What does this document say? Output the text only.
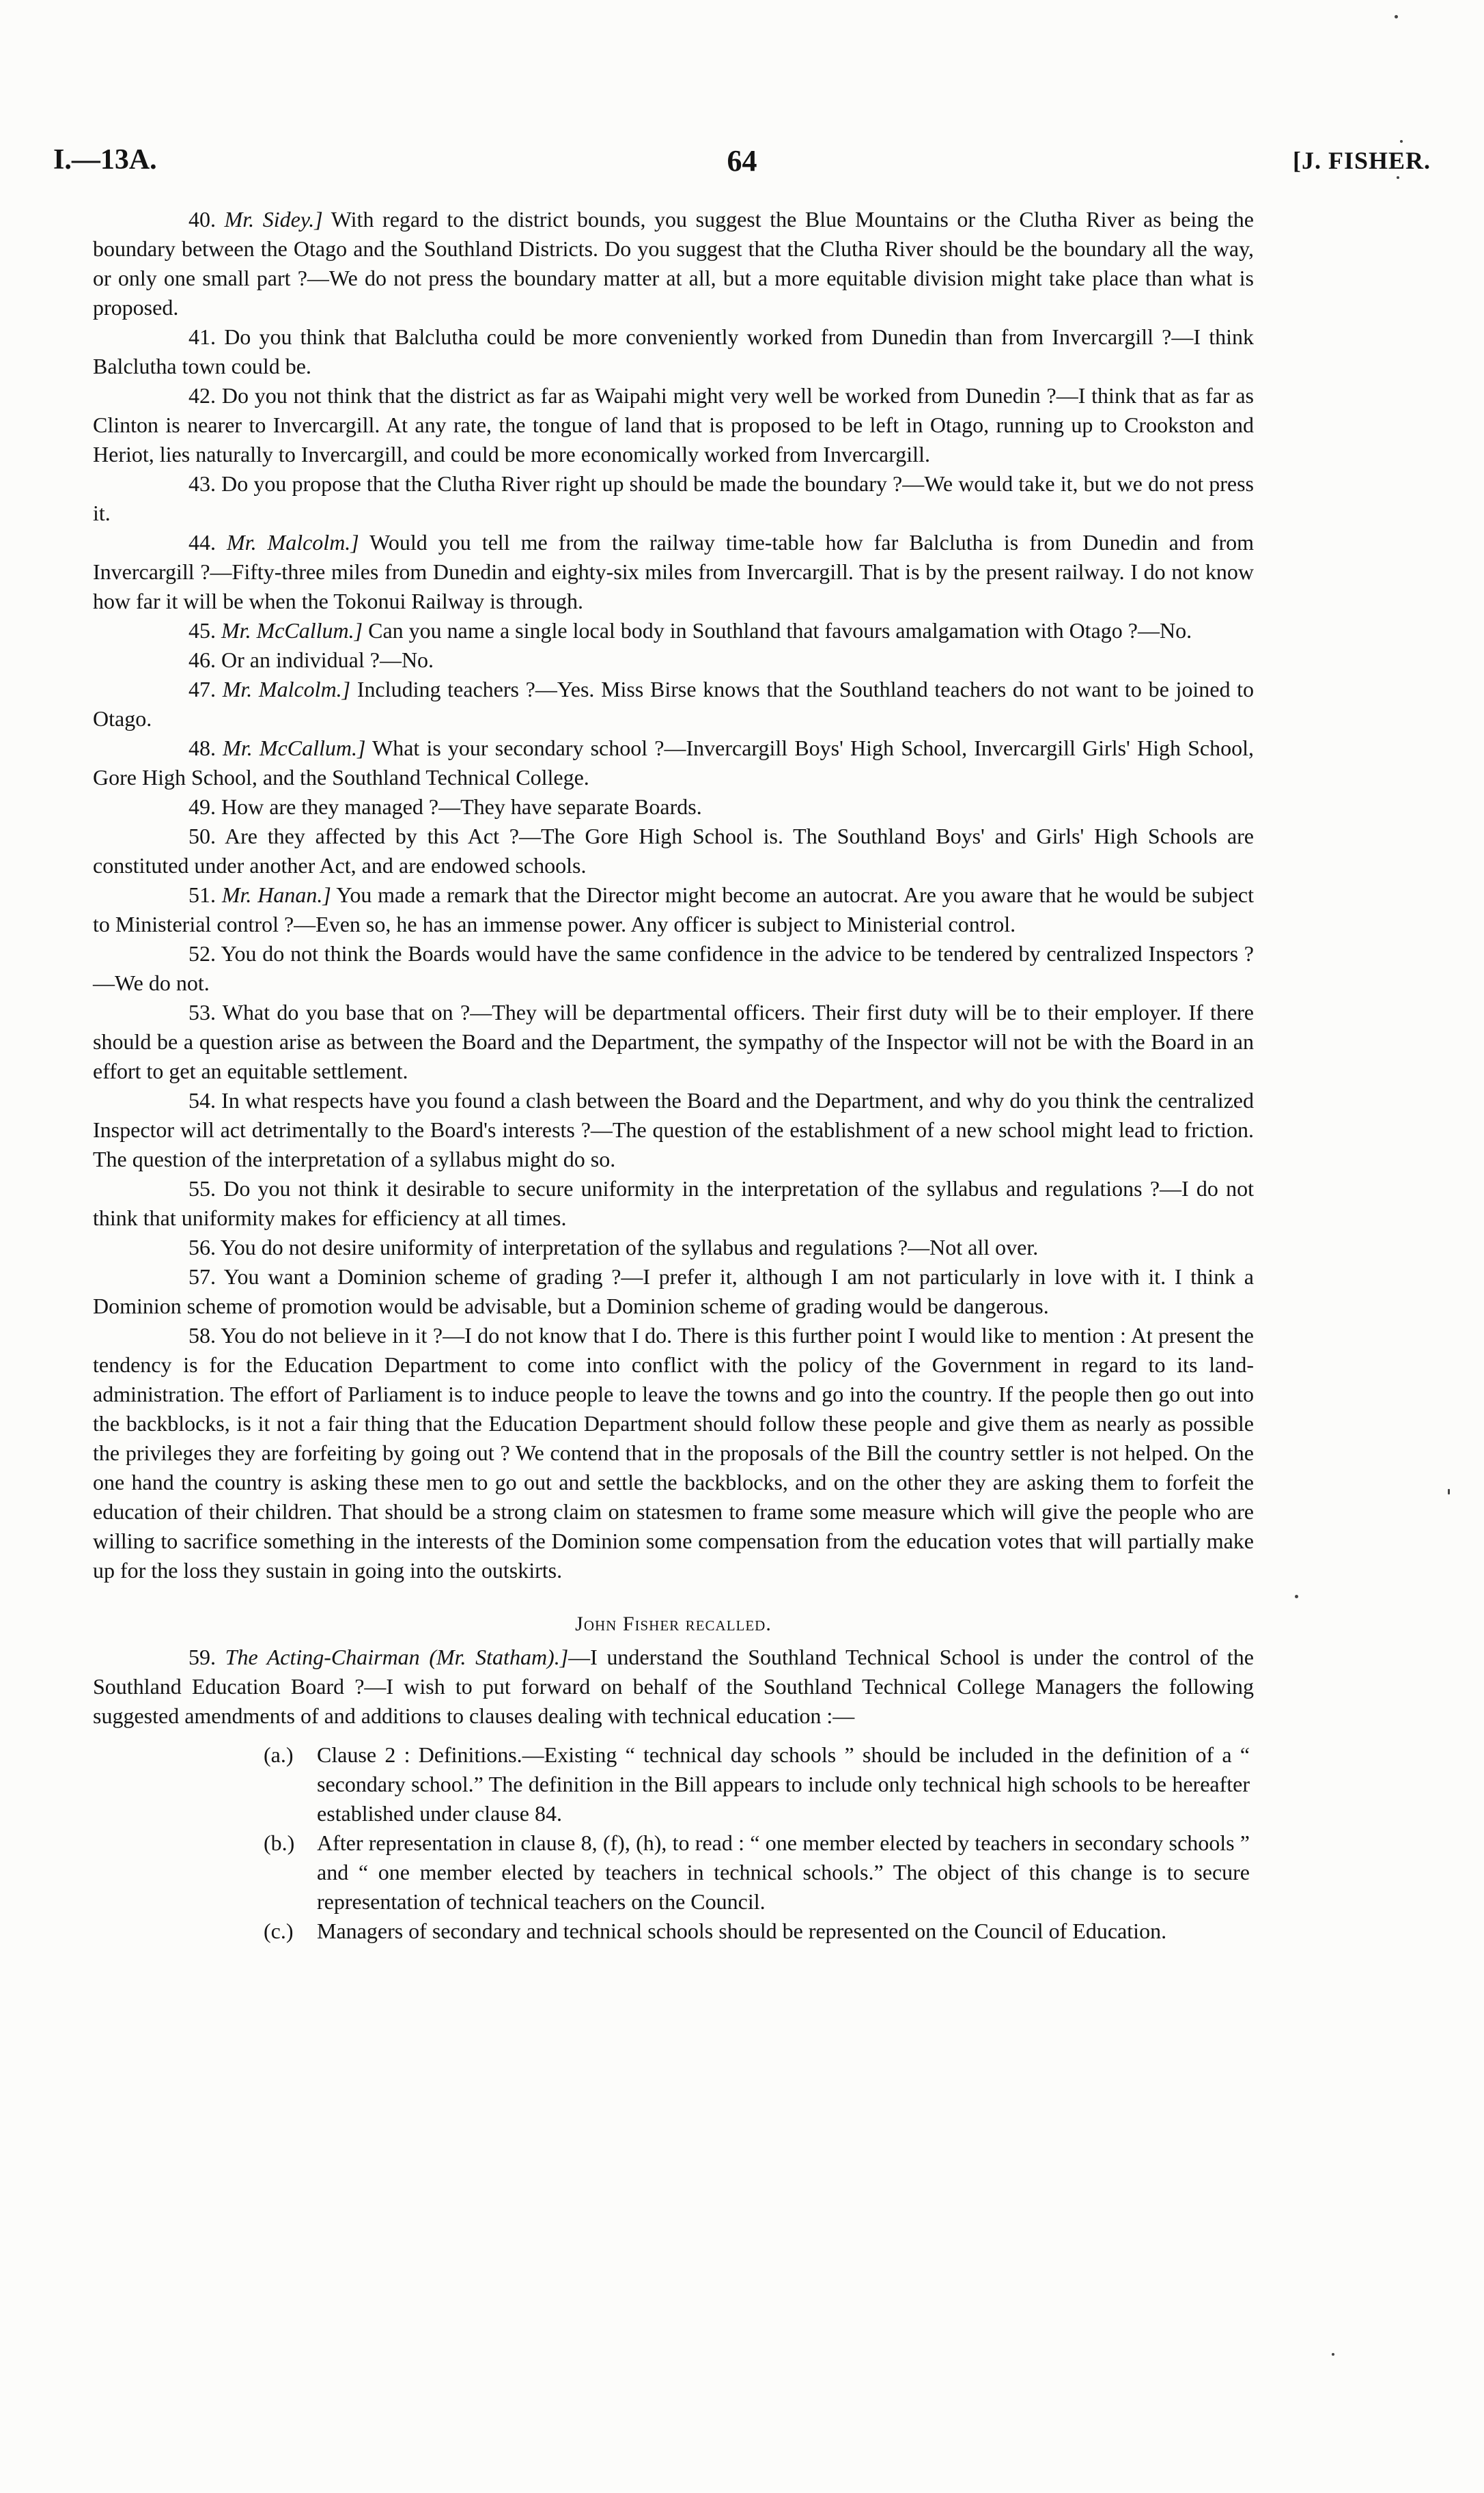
I.—13A.	64	[J. FISHER.

40. Mr. Sidey.] With regard to the district bounds, you suggest the Blue Mountains or the Clutha River as being the boundary between the Otago and the Southland Districts. Do you suggest that the Clutha River should be the boundary all the way, or only one small part ?—We do not press the boundary matter at all, but a more equitable division might take place than what is proposed.

41. Do you think that Balclutha could be more conveniently worked from Dunedin than from Invercargill ?—I think Balclutha town could be.

42. Do you not think that the district as far as Waipahi might very well be worked from Dunedin ?—I think that as far as Clinton is nearer to Invercargill. At any rate, the tongue of land that is proposed to be left in Otago, running up to Crookston and Heriot, lies naturally to Invercargill, and could be more economically worked from Invercargill.

43. Do you propose that the Clutha River right up should be made the boundary ?—We would take it, but we do not press it.

44. Mr. Malcolm.] Would you tell me from the railway time-table how far Balclutha is from Dunedin and from Invercargill ?—Fifty-three miles from Dunedin and eighty-six miles from Invercargill. That is by the present railway. I do not know how far it will be when the Tokonui Railway is through.

45. Mr. McCallum.] Can you name a single local body in Southland that favours amalgamation with Otago ?—No.

46. Or an individual ?—No.

47. Mr. Malcolm.] Including teachers ?—Yes. Miss Birse knows that the Southland teachers do not want to be joined to Otago.

48. Mr. McCallum.] What is your secondary school ?—Invercargill Boys' High School, Invercargill Girls' High School, Gore High School, and the Southland Technical College.

49. How are they managed ?—They have separate Boards.

50. Are they affected by this Act ?—The Gore High School is. The Southland Boys' and Girls' High Schools are constituted under another Act, and are endowed schools.

51. Mr. Hanan.] You made a remark that the Director might become an autocrat. Are you aware that he would be subject to Ministerial control ?—Even so, he has an immense power. Any officer is subject to Ministerial control.

52. You do not think the Boards would have the same confidence in the advice to be tendered by centralized Inspectors ?—We do not.

53. What do you base that on ?—They will be departmental officers. Their first duty will be to their employer. If there should be a question arise as between the Board and the Department, the sympathy of the Inspector will not be with the Board in an effort to get an equitable settlement.

54. In what respects have you found a clash between the Board and the Department, and why do you think the centralized Inspector will act detrimentally to the Board's interests ?—The question of the establishment of a new school might lead to friction. The question of the interpretation of a syllabus might do so.

55. Do you not think it desirable to secure uniformity in the interpretation of the syllabus and regulations ?—I do not think that uniformity makes for efficiency at all times.

56. You do not desire uniformity of interpretation of the syllabus and regulations ?—Not all over.

57. You want a Dominion scheme of grading ?—I prefer it, although I am not particularly in love with it. I think a Dominion scheme of promotion would be advisable, but a Dominion scheme of grading would be dangerous.

58. You do not believe in it ?—I do not know that I do. There is this further point I would like to mention : At present the tendency is for the Education Department to come into conflict with the policy of the Government in regard to its land-administration. The effort of Parliament is to induce people to leave the towns and go into the country. If the people then go out into the backblocks, is it not a fair thing that the Education Department should follow these people and give them as nearly as possible the privileges they are forfeiting by going out ? We contend that in the proposals of the Bill the country settler is not helped. On the one hand the country is asking these men to go out and settle the backblocks, and on the other they are asking them to forfeit the education of their children. That should be a strong claim on statesmen to frame some measure which will give the people who are willing to sacrifice something in the interests of the Dominion some compensation from the education votes that will partially make up for the loss they sustain in going into the outskirts.

John Fisher recalled.

59. The Acting-Chairman (Mr. Statham).]—I understand the Southland Technical School is under the control of the Southland Education Board ?—I wish to put forward on behalf of the Southland Technical College Managers the following suggested amendments of and additions to clauses dealing with technical education :—

(a.) Clause 2 : Definitions.—Existing “ technical day schools ” should be included in the definition of a “ secondary school.” The definition in the Bill appears to include only technical high schools to be hereafter established under clause 84.
(b.) After representation in clause 8, (f), (h), to read : “ one member elected by teachers in secondary schools ” and “ one member elected by teachers in technical schools.” The object of this change is to secure representation of technical teachers on the Council.
(c.) Managers of secondary and technical schools should be represented on the Council of Education.
